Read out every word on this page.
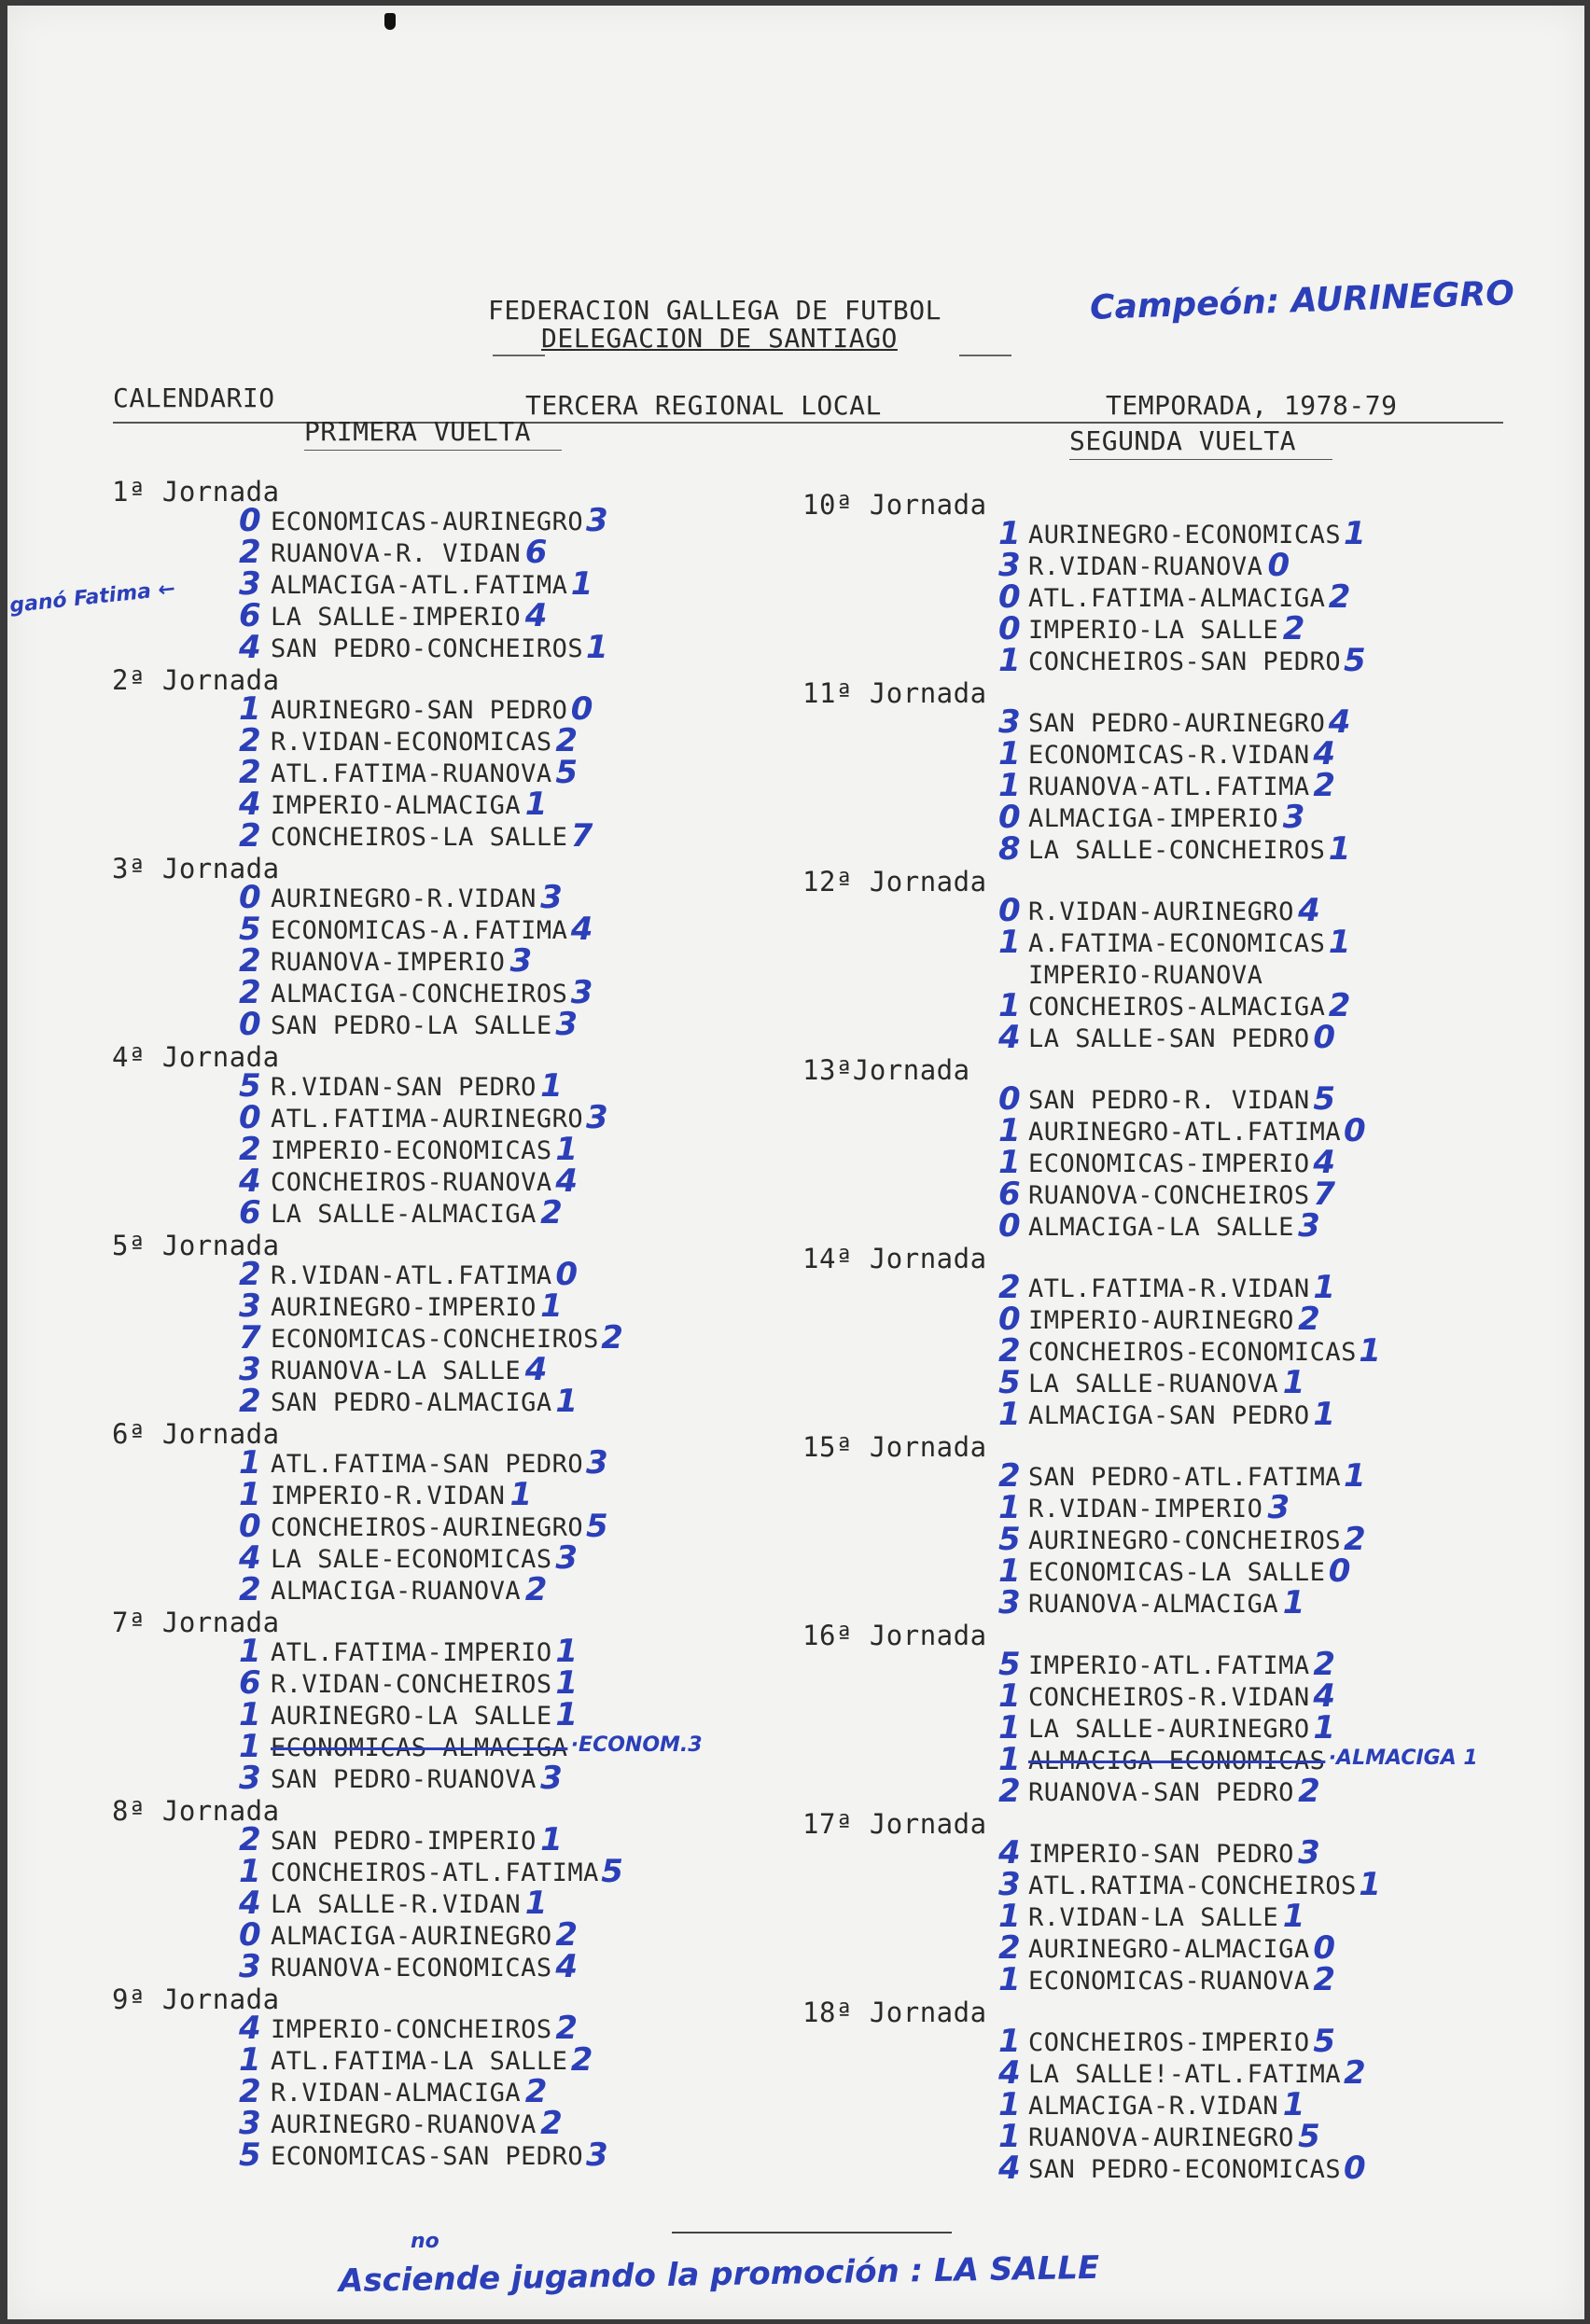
FEDERACION GALLEGA DE FUTBOL
DELEGACION DE SANTIAGO
Campeón: AURINEGRO
CALENDARIO	TERCERA REGIONAL LOCAL	TEMPORADA, 1978-79
PRIMERA VUELTA	SEGUNDA VUELTA
ganó Fatima ←
1ª Jornada
0 ECONOMICAS-AURINEGRO 3
2 RUANOVA-R. VIDAN 6
3 ALMACIGA-ATL.FATIMA 1
6 LA SALLE-IMPERIO 4
4 SAN PEDRO-CONCHEIROS 1
2ª Jornada
1 AURINEGRO-SAN PEDRO 0
2 R.VIDAN-ECONOMICAS 2
2 ATL.FATIMA-RUANOVA 5
4 IMPERIO-ALMACIGA 1
2 CONCHEIROS-LA SALLE 7
3ª Jornada
0 AURINEGRO-R.VIDAN 3
5 ECONOMICAS-A.FATIMA 4
2 RUANOVA-IMPERIO 3
2 ALMACIGA-CONCHEIROS 3
0 SAN PEDRO-LA SALLE 3
4ª Jornada
5 R.VIDAN-SAN PEDRO 1
0 ATL.FATIMA-AURINEGRO 3
2 IMPERIO-ECONOMICAS 1
4 CONCHEIROS-RUANOVA 4
6 LA SALLE-ALMACIGA 2
5ª Jornada
2 R.VIDAN-ATL.FATIMA 0
3 AURINEGRO-IMPERIO 1
7 ECONOMICAS-CONCHEIROS 2
3 RUANOVA-LA SALLE 4
2 SAN PEDRO-ALMACIGA 1
6ª Jornada
1 ATL.FATIMA-SAN PEDRO 3
1 IMPERIO-R.VIDAN 1
0 CONCHEIROS-AURINEGRO 5
4 LA SALE-ECONOMICAS 3
2 ALMACIGA-RUANOVA 2
7ª Jornada
1 ATL.FATIMA-IMPERIO 1
6 R.VIDAN-CONCHEIROS 1
1 AURINEGRO-LA SALLE 1
1 ECONOMICAS-ALMACIGA ·ECONOM.3
3 SAN PEDRO-RUANOVA 3
8ª Jornada
2 SAN PEDRO-IMPERIO 1
1 CONCHEIROS-ATL.FATIMA 5
4 LA SALLE-R.VIDAN 1
0 ALMACIGA-AURINEGRO 2
3 RUANOVA-ECONOMICAS 4
9ª Jornada
4 IMPERIO-CONCHEIROS 2
1 ATL.FATIMA-LA SALLE 2
2 R.VIDAN-ALMACIGA 2
3 AURINEGRO-RUANOVA 2
5 ECONOMICAS-SAN PEDRO 3
10ª Jornada
1 AURINEGRO-ECONOMICAS 1
3 R.VIDAN-RUANOVA 0
0 ATL.FATIMA-ALMACIGA 2
0 IMPERIO-LA SALLE 2
1 CONCHEIROS-SAN PEDRO 5
11ª Jornada
3 SAN PEDRO-AURINEGRO 4
1 ECONOMICAS-R.VIDAN 4
1 RUANOVA-ATL.FATIMA 2
0 ALMACIGA-IMPERIO 3
8 LA SALLE-CONCHEIROS 1
12ª Jornada
0 R.VIDAN-AURINEGRO 4
1 A.FATIMA-ECONOMICAS 1
IMPERIO-RUANOVA
1 CONCHEIROS-ALMACIGA 2
4 LA SALLE-SAN PEDRO 0
13ªJornada
0 SAN PEDRO-R. VIDAN 5
1 AURINEGRO-ATL.FATIMA 0
1 ECONOMICAS-IMPERIO 4
6 RUANOVA-CONCHEIROS 7
0 ALMACIGA-LA SALLE 3
14ª Jornada
2 ATL.FATIMA-R.VIDAN 1
0 IMPERIO-AURINEGRO 2
2 CONCHEIROS-ECONOMICAS 1
5 LA SALLE-RUANOVA 1
1 ALMACIGA-SAN PEDRO 1
15ª Jornada
2 SAN PEDRO-ATL.FATIMA 1
1 R.VIDAN-IMPERIO 3
5 AURINEGRO-CONCHEIROS 2
1 ECONOMICAS-LA SALLE 0
3 RUANOVA-ALMACIGA 1
16ª Jornada
5 IMPERIO-ATL.FATIMA 2
1 CONCHEIROS-R.VIDAN 4
1 LA SALLE-AURINEGRO 1
1 ALMACIGA-ECONOMICAS ·ALMACIGA 1
2 RUANOVA-SAN PEDRO 2
17ª Jornada
4 IMPERIO-SAN PEDRO 3
3 ATL.RATIMA-CONCHEIROS 1
1 R.VIDAN-LA SALLE 1
2 AURINEGRO-ALMACIGA 0
1 ECONOMICAS-RUANOVA 2
18ª Jornada
1 CONCHEIROS-IMPERIO 5
4 LA SALLE!-ATL.FATIMA 2
1 ALMACIGA-R.VIDAN 1
1 RUANOVA-AURINEGRO 5
4 SAN PEDRO-ECONOMICAS 0
no
Asciende jugando la promoción : LA SALLE
